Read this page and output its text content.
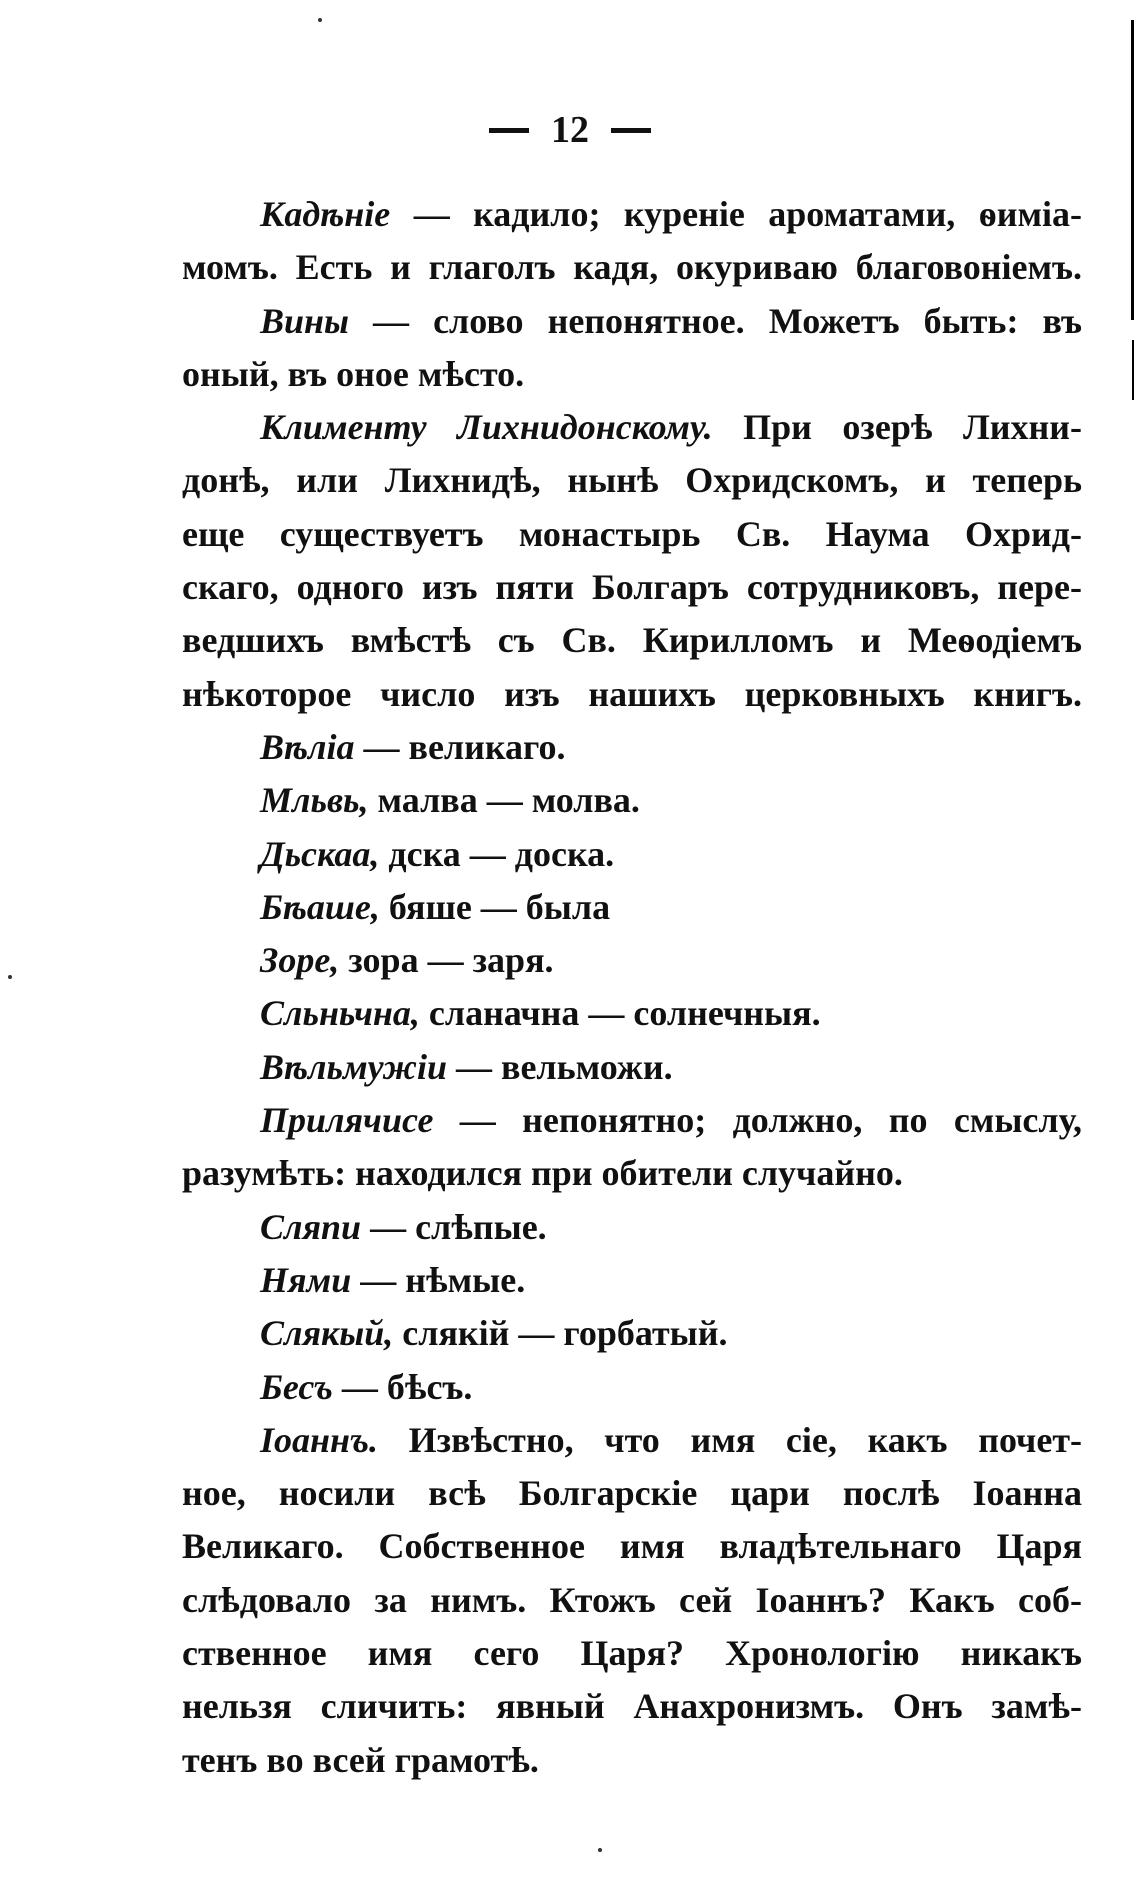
12
Кадѣніе — кадило; куреніе ароматами, ѳиміа-
момъ. Есть и глаголъ кадя, окуриваю благовоніемъ.
Вины — слово непонятное. Можетъ быть: въ
оный, въ оное мѣсто.
Клименту Лихнидонскому. При озерѣ Лихни-
донѣ, или Лихнидѣ, нынѣ Охридскомъ, и теперь
еще существуетъ монастырь Св. Наума Охрид-
скаго, одного изъ пяти Болгаръ сотрудниковъ, пере-
ведшихъ вмѣстѣ съ Св. Кирилломъ и Меѳодіемъ
нѣкоторое число изъ нашихъ церковныхъ книгъ.
Вѣліа — великаго.
Мльвь, малва — молва.
Дьскаа, дска — доска.
Бѣаше, бяше — была
Зоре, зора — заря.
Сльньчна, сланачна — солнечныя.
Вѣльмужіи — вельможи.
Прилячисе — непонятно; должно, по смыслу,
разумѣть: находился при обители случайно.
Сляпи — слѣпые.
Нями — нѣмые.
Слякый, слякій — горбатый.
Бесъ — бѣсъ.
Іоаннъ. Извѣстно, что имя сіе, какъ почет-
ное, носили всѣ Болгарскіе цари послѣ Іоанна
Великаго. Собственное имя владѣтельнаго Царя
слѣдовало за нимъ. Ктожъ сей Іоаннъ? Какъ соб-
ственное имя сего Царя? Хронологію никакъ
нельзя сличить: явный Анахронизмъ. Онъ замѣ-
тенъ во всей грамотѣ.
